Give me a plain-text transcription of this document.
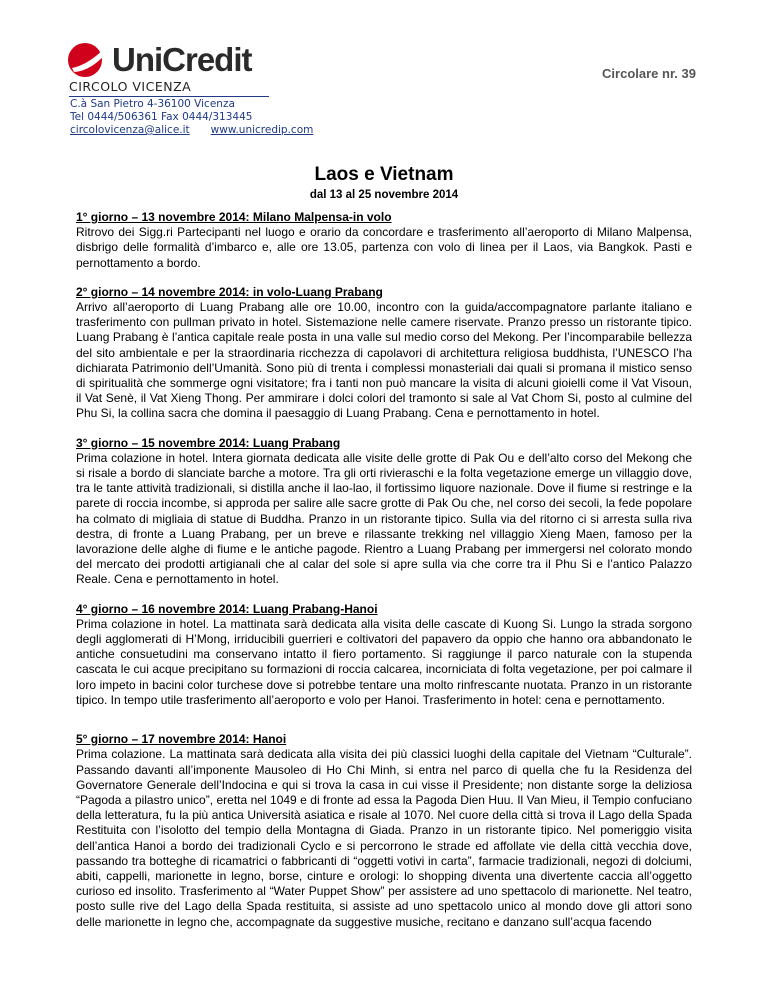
UniCredit
CIRCOLO VICENZA
C.à San Pietro 4-36100 Vicenza
Tel 0444/506361 Fax 0444/313445
circolovicenza@alice.it www.unicredip.com
Circolare nr. 39
Laos e Vietnam
dal 13 al 25 novembre 2014
1° giorno – 13 novembre 2014: Milano Malpensa-in volo

Ritrovo dei Sigg.ri Partecipanti nel luogo e orario da concordare e trasferimento all’aeroporto di Milano Malpensa, disbrigo delle formalità d’imbarco e, alle ore 13.05, partenza con volo di linea per il Laos, via Bangkok. Pasti e pernottamento a bordo.

2° giorno – 14 novembre 2014: in volo-Luang Prabang

Arrivo all’aeroporto di Luang Prabang alle ore 10.00, incontro con la guida/accompagnatore parlante italiano e trasferimento con pullman privato in hotel. Sistemazione nelle camere riservate. Pranzo presso un ristorante tipico. Luang Prabang è l’antica capitale reale posta in una valle sul medio corso del Mekong. Per l’incomparabile bellezza del sito ambientale e per la straordinaria ricchezza di capolavori di architettura religiosa buddhista, l’UNESCO l’ha dichiarata Patrimonio dell’Umanità. Sono più di trenta i complessi monasteriali dai quali si promana il mistico senso di spiritualità che sommerge ogni visitatore; fra i tanti non può mancare la visita di alcuni gioielli come il Vat Visoun, il Vat Senè, il Vat Xieng Thong. Per ammirare i dolci colori del tramonto si sale al Vat Chom Si, posto al culmine del Phu Si, la collina sacra che domina il paesaggio di Luang Prabang. Cena e pernottamento in hotel.

3° giorno – 15 novembre 2014: Luang Prabang

Prima colazione in hotel. Intera giornata dedicata alle visite delle grotte di Pak Ou e dell’alto corso del Mekong che si risale a bordo di slanciate barche a motore. Tra gli orti rivieraschi e la folta vegetazione emerge un villaggio dove, tra le tante attività tradizionali, si distilla anche il lao-lao, il fortissimo liquore nazionale. Dove il fiume si restringe e la parete di roccia incombe, si approda per salire alle sacre grotte di Pak Ou che, nel corso dei secoli, la fede popolare ha colmato di migliaia di statue di Buddha. Pranzo in un ristorante tipico. Sulla via del ritorno ci si arresta sulla riva destra, di fronte a Luang Prabang, per un breve e rilassante trekking nel villaggio Xieng Maen, famoso per la lavorazione delle alghe di fiume e le antiche pagode. Rientro a Luang Prabang per immergersi nel colorato mondo del mercato dei prodotti artigianali che al calar del sole si apre sulla via che corre tra il Phu Si e l’antico Palazzo Reale. Cena e pernottamento in hotel.

4° giorno – 16 novembre 2014: Luang Prabang-Hanoi

Prima colazione in hotel. La mattinata sarà dedicata alla visita delle cascate di Kuong Si. Lungo la strada sorgono degli agglomerati di H’Mong, irriducibili guerrieri e coltivatori del papavero da oppio che hanno ora abbandonato le antiche consuetudini ma conservano intatto il fiero portamento. Si raggiunge il parco naturale con la stupenda cascata le cui acque precipitano su formazioni di roccia calcarea, incorniciata di folta vegetazione, per poi calmare il loro impeto in bacini color turchese dove si potrebbe tentare una molto rinfrescante nuotata. Pranzo in un ristorante tipico. In tempo utile trasferimento all’aeroporto e volo per Hanoi. Trasferimento in hotel: cena e pernottamento.

5° giorno – 17 novembre 2014: Hanoi

Prima colazione. La mattinata sarà dedicata alla visita dei più classici luoghi della capitale del Vietnam “Culturale”. Passando davanti all’imponente Mausoleo di Ho Chi Minh, si entra nel parco di quella che fu la Residenza del Governatore Generale dell’Indocina e qui si trova la casa in cui visse il Presidente; non distante sorge la deliziosa “Pagoda a pilastro unico”, eretta nel 1049 e di fronte ad essa la Pagoda Dien Huu. Il Van Mieu, il Tempio confuciano della letteratura, fu la più antica Università asiatica e risale al 1070. Nel cuore della città si trova il Lago della Spada Restituita con l’isolotto del tempio della Montagna di Giada. Pranzo in un ristorante tipico. Nel pomeriggio visita dell’antica Hanoi a bordo dei tradizionali Cyclo e si percorrono le strade ed affollate vie della città vecchia dove, passando tra botteghe di ricamatrici o fabbricanti di “oggetti votivi in carta”, farmacie tradizionali, negozi di dolciumi, abiti, cappelli, marionette in legno, borse, cinture e orologi: lo shopping diventa una divertente caccia all’oggetto curioso ed insolito. Trasferimento al “Water Puppet Show” per assistere ad uno spettacolo di marionette. Nel teatro, posto sulle rive del Lago della Spada restituita, si assiste ad uno spettacolo unico al mondo dove gli attori sono delle marionette in legno che, accompagnate da suggestive musiche, recitano e danzano sull’acqua facendo
